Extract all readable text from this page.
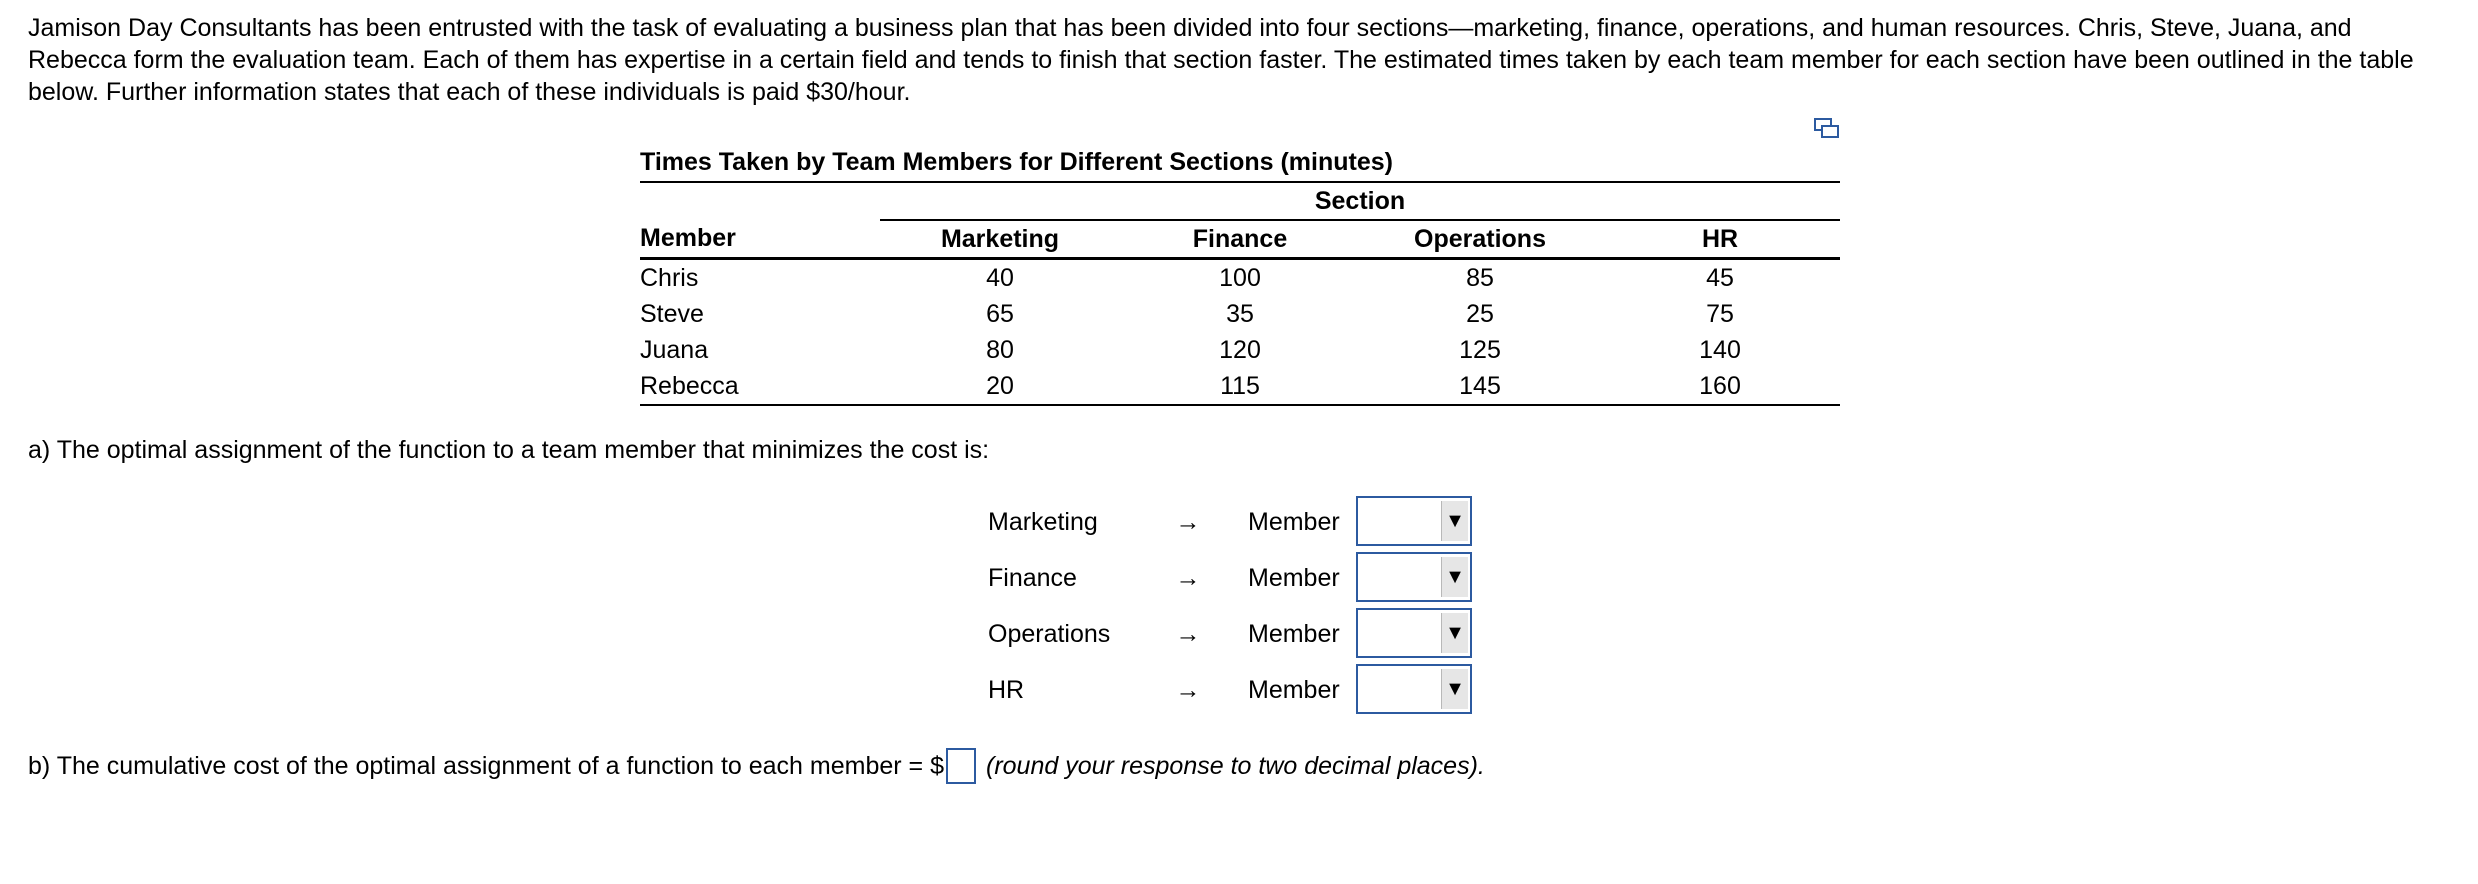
Jamison Day Consultants has been entrusted with the task of evaluating a business plan that has been divided into four sections—marketing, finance, operations, and human resources. Chris, Steve, Juana, and Rebecca form the evaluation team. Each of them has expertise in a certain field and tends to finish that section faster. The estimated times taken by each team member for each section have been outlined in the table below. Further information states that each of these individuals is paid $30/hour.
Times Taken by Team Members for Different Sections (minutes)
	Section			
Member	Marketing	Finance	Operations	HR
Chris	40	100	85	45
Steve	65	35	25	75
Juana	80	120	125	140
Rebecca	20	115	145	160
a) The optimal assignment of the function to a team member that minimizes the cost is:
Marketing	→	Member	▼
Finance	→	Member	▼
Operations	→	Member	▼
HR	→	Member	▼
b) The cumulative cost of the optimal assignment of a function to each member = $ (round your response to two decimal places).
